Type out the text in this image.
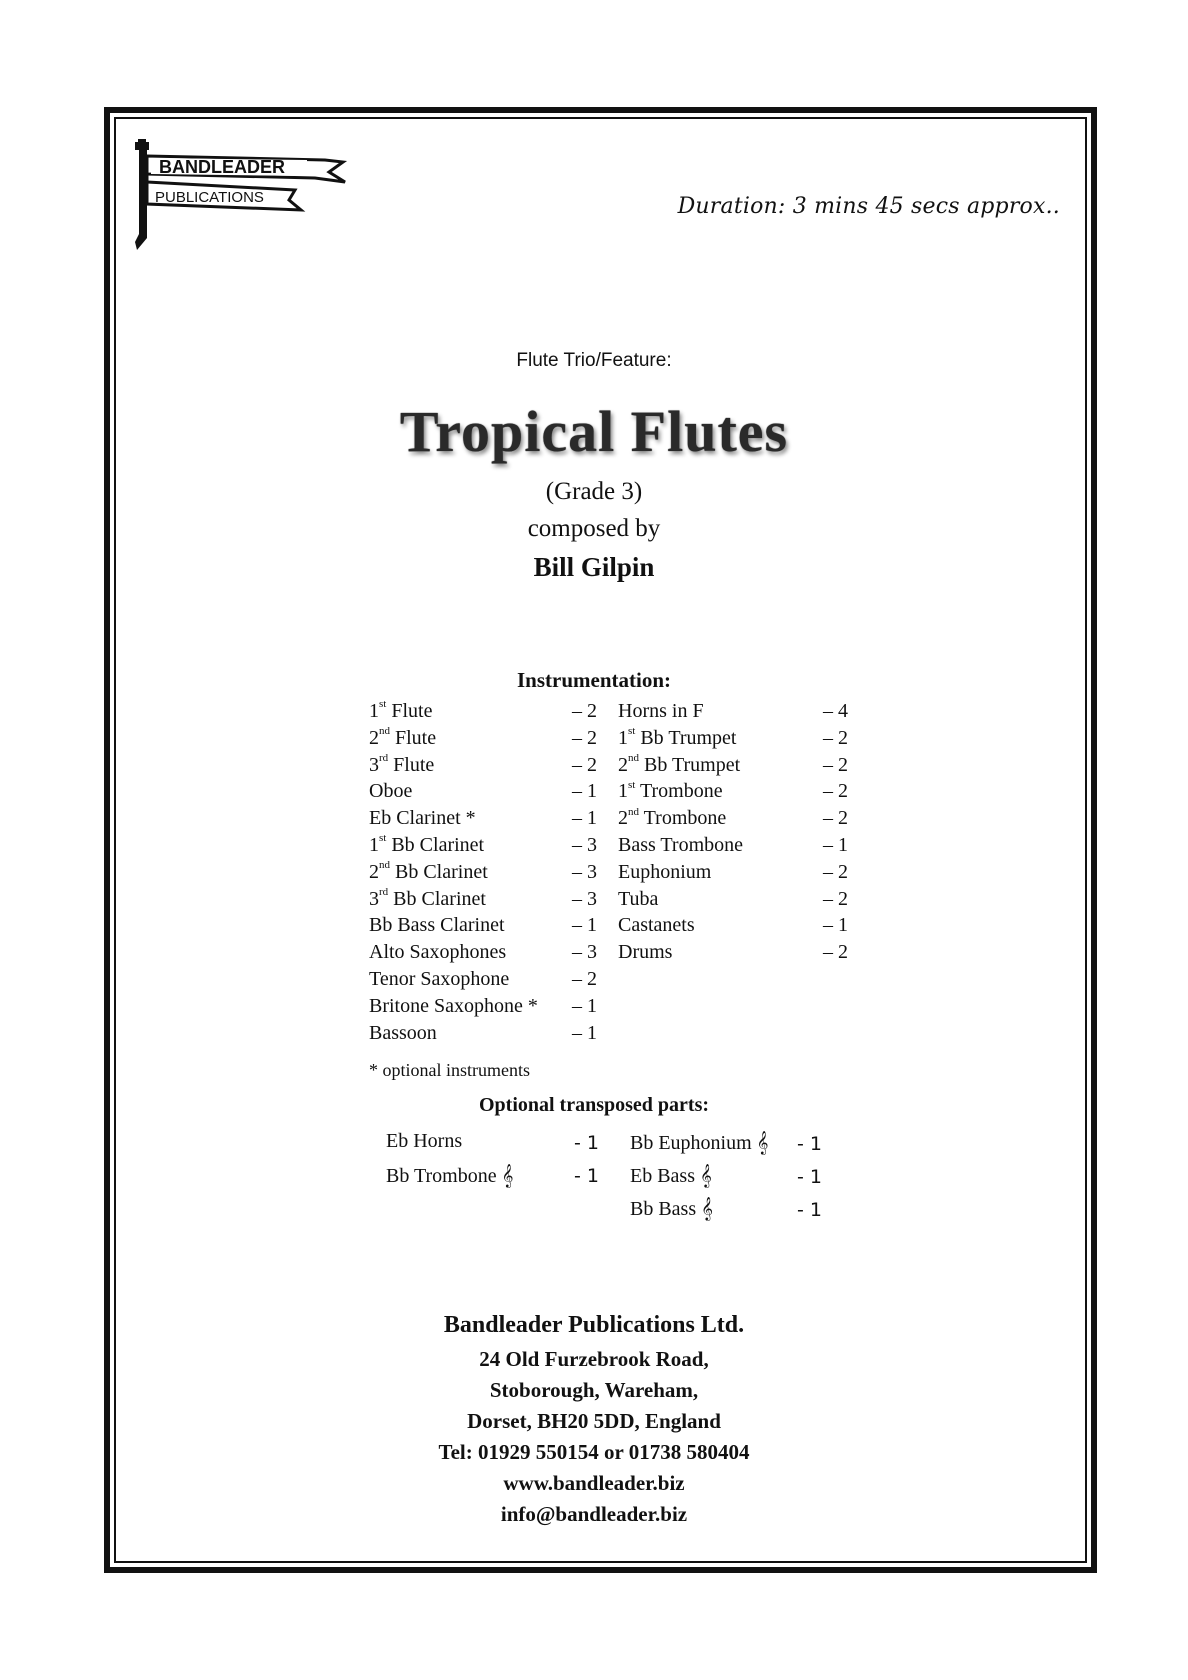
BANDLEADER
PUBLICATIONS	Duration: 3 mins 45 secs approx..
Flute Trio/Feature:
Tropical Flutes
(Grade 3)
composed by
Bill Gilpin
Instrumentation:
1st Flute	– 2
2nd Flute	– 2
3rd Flute	– 2
Oboe	– 1
Eb Clarinet *	– 1
1st Bb Clarinet	– 3
2nd Bb Clarinet	– 3
3rd Bb Clarinet	– 3
Bb Bass Clarinet	– 1
Alto Saxophones	– 3
Tenor Saxophone	– 2
Britone Saxophone * – 1
Bassoon	– 1
Horns in F	– 4
1st Bb Trumpet	– 2
2nd Bb Trumpet	– 2
1st Trombone	– 2
2nd Trombone	– 2
Bass Trombone	– 1
Euphonium	– 2
Tuba	– 2
Castanets	– 1
Drums	– 2
* optional instruments
Optional transposed parts:
Eb Horns	- 1
Bb Trombone 𝄞	- 1
Bb Euphonium 𝄞 - 1
Eb Bass 𝄞	- 1
Bb Bass 𝄞	- 1
Bandleader Publications Ltd.
24 Old Furzebrook Road,
Stoborough, Wareham,
Dorset, BH20 5DD, England
Tel: 01929 550154 or 01738 580404
www.bandleader.biz
info@bandleader.biz
